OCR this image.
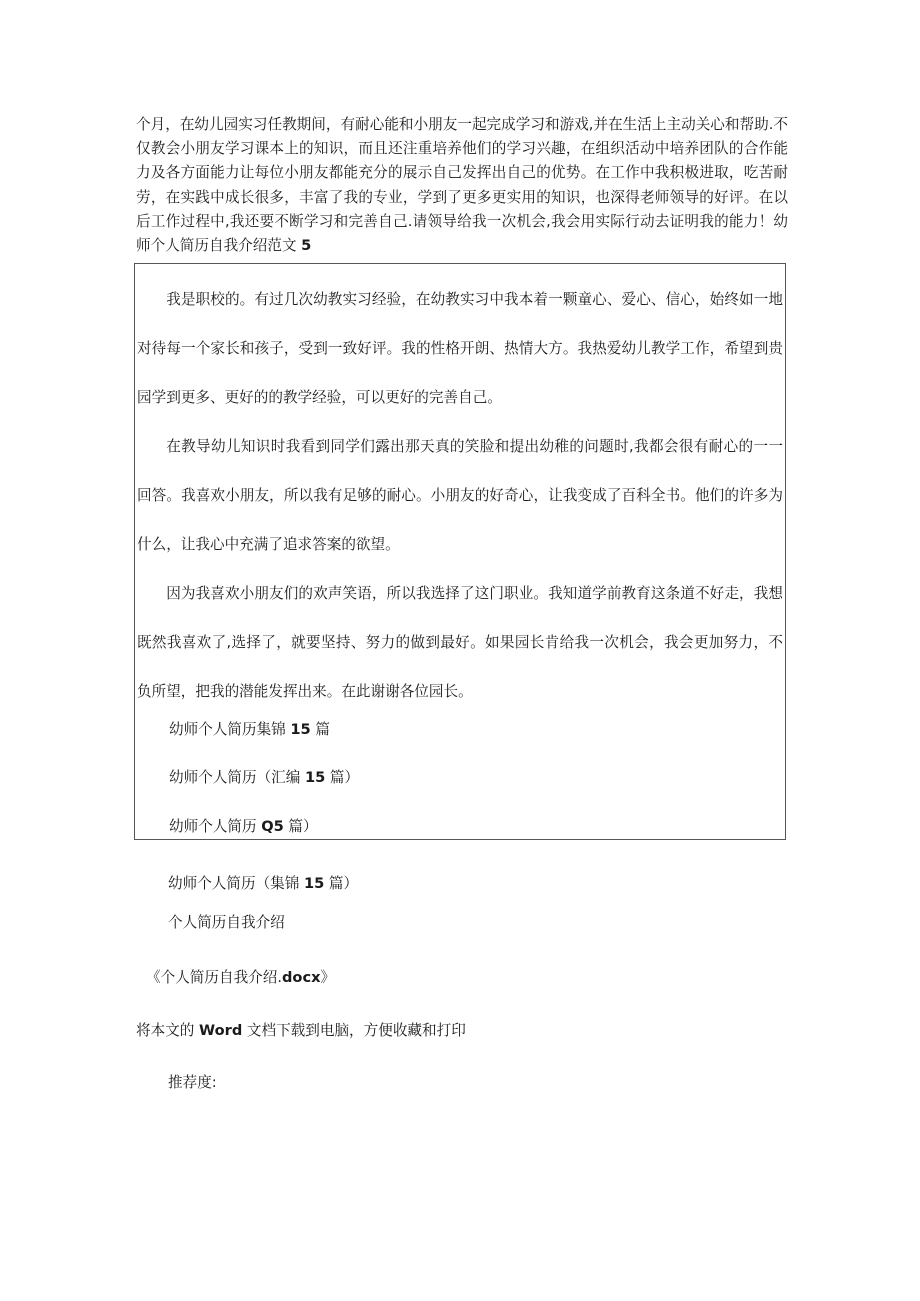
个月，在幼儿园实习任教期间，有耐心能和小朋友一起完成学习和游戏,并在生活上主动关心和帮助.不仅教会小朋友学习课本上的知识，而且还注重培养他们的学习兴趣，在组织活动中培养团队的合作能力及各方面能力让每位小朋友都能充分的展示自己发挥出自己的优势。在工作中我积极进取，吃苦耐劳，在实践中成长很多，丰富了我的专业，学到了更多更实用的知识，也深得老师领导的好评。在以后工作过程中,我还要不断学习和完善自己.请领导给我一次机会,我会用实际行动去证明我的能力！幼师个人简历自我介绍范文 5

我是职校的。有过几次幼教实习经验，在幼教实习中我本着一颗童心、爱心、信心，始终如一地对待每一个家长和孩子，受到一致好评。我的性格开朗、热情大方。我热爱幼儿教学工作，希望到贵园学到更多、更好的的教学经验，可以更好的完善自己。

在教导幼儿知识时我看到同学们露出那天真的笑脸和提出幼稚的问题时,我都会很有耐心的一一回答。我喜欢小朋友，所以我有足够的耐心。小朋友的好奇心，让我变成了百科全书。他们的许多为什么，让我心中充满了追求答案的欲望。

因为我喜欢小朋友们的欢声笑语，所以我选择了这门职业。我知道学前教育这条道不好走，我想既然我喜欢了,选择了，就要坚持、努力的做到最好。如果园长肯给我一次机会，我会更加努力，不负所望，把我的潜能发挥出来。在此谢谢各位园长。

幼师个人简历集锦 15 篇

幼师个人简历（汇编 15 篇）

幼师个人简历 Q5 篇）

幼师个人简历（集锦 15 篇）

个人简历自我介绍

《个人简历自我介绍.docx》

将本文的 Word 文档下载到电脑，方便收藏和打印

推荐度:
